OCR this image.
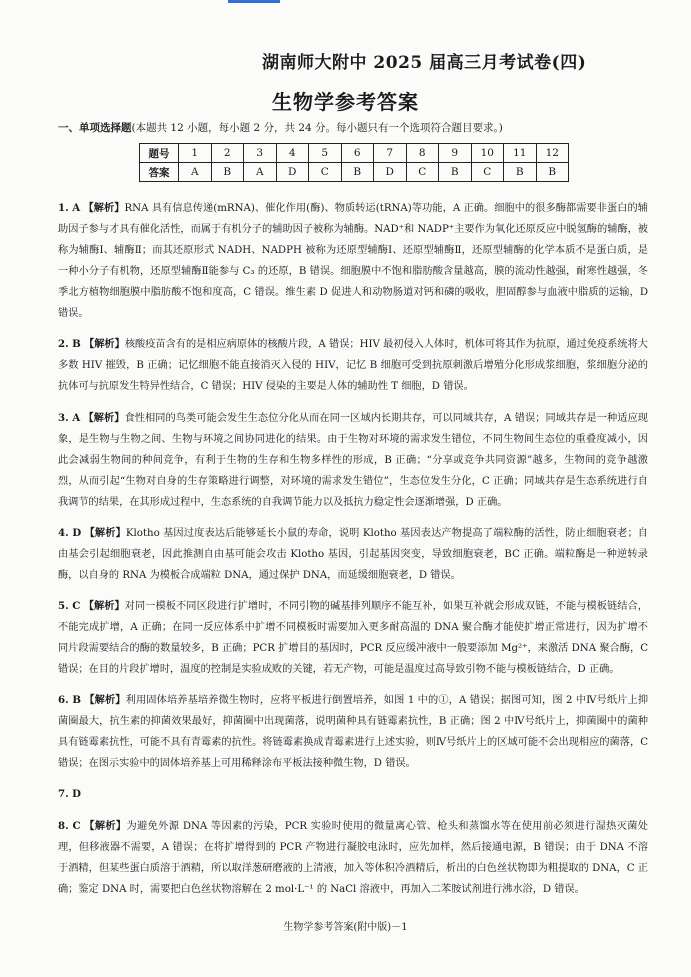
湖南师大附中 2025 届高三月考试卷(四)
生物学参考答案
一、单项选择题(本题共 12 小题，每小题 2 分，共 24 分。每小题只有一个选项符合题目要求。)
题号	1	2	3	4	5	6	7	8	9	10	11	12
答案	A	B	A	D	C	B	D	C	B	C	B	B

1. A 【解析】RNA 具有信息传递(mRNA)、催化作用(酶)、物质转运(tRNA)等功能，A 正确。细胞中的很多酶都需要非蛋白的辅助因子参与才具有催化活性，而属于有机分子的辅助因子被称为辅酶。NAD⁺和 NADP⁺主要作为氧化还原反应中脱氢酶的辅酶，被称为辅酶Ⅰ、辅酶Ⅱ；而其还原形式 NADH、NADPH 被称为还原型辅酶Ⅰ、还原型辅酶Ⅱ，还原型辅酶的化学本质不是蛋白质，是一种小分子有机物，还原型辅酶Ⅱ能参与 C₃ 的还原，B 错误。细胞膜中不饱和脂肪酸含量越高，膜的流动性越强，耐寒性越强，冬季北方植物细胞膜中脂肪酸不饱和度高，C 错误。维生素 D 促进人和动物肠道对钙和磷的吸收，胆固醇参与血液中脂质的运输，D 错误。

2. B 【解析】核酸疫苗含有的是相应病原体的核酸片段，A 错误；HIV 最初侵入人体时，机体可将其作为抗原，通过免疫系统将大多数 HIV 摧毁，B 正确；记忆细胞不能直接消灭入侵的 HIV，记忆 B 细胞可受到抗原刺激后增殖分化形成浆细胞，浆细胞分泌的抗体可与抗原发生特异性结合，C 错误；HIV 侵染的主要是人体的辅助性 T 细胞，D 错误。

3. A 【解析】食性相同的鸟类可能会发生生态位分化从而在同一区域内长期共存，可以同域共存，A 错误；同域共存是一种适应现象，是生物与生物之间、生物与环境之间协同进化的结果。由于生物对环境的需求发生错位，不同生物间生态位的重叠度减小，因此会减弱生物间的种间竞争，有利于生物的生存和生物多样性的形成，B 正确；“分享或竞争共同资源”越多，生物间的竞争越激烈，从而引起“生物对自身的生存策略进行调整，对环境的需求发生错位”，生态位发生分化，C 正确；同域共存是生态系统进行自我调节的结果，在其形成过程中，生态系统的自我调节能力以及抵抗力稳定性会逐渐增强，D 正确。

4. D 【解析】Klotho 基因过度表达后能够延长小鼠的寿命，说明 Klotho 基因表达产物提高了端粒酶的活性，防止细胞衰老；自由基会引起细胞衰老，因此推测自由基可能会攻击 Klotho 基因，引起基因突变，导致细胞衰老，BC 正确。端粒酶是一种逆转录酶，以自身的 RNA 为模板合成端粒 DNA，通过保护 DNA，而延缓细胞衰老，D 错误。

5. C 【解析】对同一模板不同区段进行扩增时，不同引物的碱基排列顺序不能互补，如果互补就会形成双链，不能与模板链结合，不能完成扩增，A 正确；在同一反应体系中扩增不同模板时需要加入更多耐高温的 DNA 聚合酶才能使扩增正常进行，因为扩增不同片段需要结合的酶的数量较多，B 正确；PCR 扩增目的基因时，PCR 反应缓冲液中一般要添加 Mg²⁺，来激活 DNA 聚合酶，C 错误；在目的片段扩增时，温度的控制是实验成败的关键，若无产物，可能是温度过高导致引物不能与模板链结合，D 正确。

6. B 【解析】利用固体培养基培养微生物时，应将平板进行倒置培养，如图 1 中的①，A 错误；据图可知，图 2 中Ⅳ号纸片上抑菌圈最大，抗生素的抑菌效果最好，抑菌圈中出现菌落，说明菌种具有链霉素抗性，B 正确；图 2 中Ⅳ号纸片上，抑菌圈中的菌种具有链霉素抗性，可能不具有青霉素的抗性。将链霉素换成青霉素进行上述实验，则Ⅳ号纸片上的区域可能不会出现相应的菌落，C 错误；在图示实验中的固体培养基上可用稀释涂布平板法接种微生物，D 错误。

7. D

8. C 【解析】为避免外源 DNA 等因素的污染，PCR 实验时使用的微量离心管、枪头和蒸馏水等在使用前必须进行湿热灭菌处理，但移液器不需要，A 错误；在将扩增得到的 PCR 产物进行凝胶电泳时，应先加样，然后接通电源，B 错误；由于 DNA 不溶于酒精，但某些蛋白质溶于酒精，所以取洋葱研磨液的上清液，加入等体积冷酒精后，析出的白色丝状物即为粗提取的 DNA，C 正确；鉴定 DNA 时，需要把白色丝状物溶解在 2 mol·L⁻¹ 的 NaCl 溶液中，再加入二苯胺试剂进行沸水浴，D 错误。

生物学参考答案(附中版)－1
